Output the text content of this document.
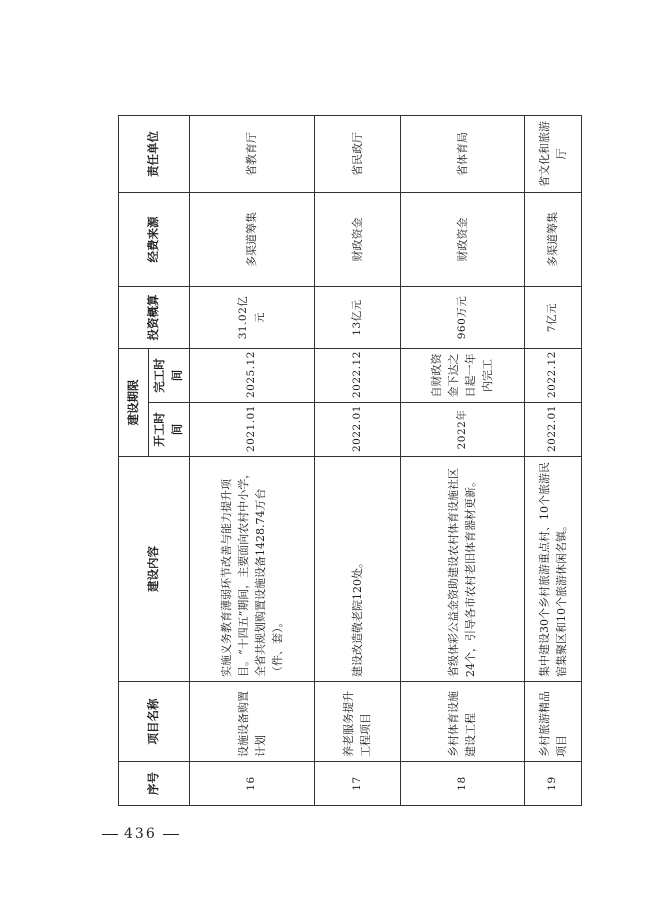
序号	项目名称	建设内容	建设期限		投资概算	经费来源	责任单位
			开工时间	完工时间			
16	设施设备购置计划	实施义务教育薄弱环节改善与能力提升项目。“十四五”期间，主要面向农村中小学，全省共规划购置设施设备1428.74万台（件、套）。	2021.01	2025.12	31.02亿元	多渠道筹集	省教育厅
17	养老服务提升工程项目	建设改造敬老院120处。	2022.01	2022.12	13亿元	财政资金	省民政厅
18	乡村体育设施建设工程	省级体彩公益金资助建设农村体育设施社区24个，引导各市农村老旧体育器材更新。	2022年	自财政资金下达之日起一年内完工	960万元	财政资金	省体育局
19	乡村旅游精品项目	集中建设30个乡村旅游重点村、10个旅游民宿集聚区和10个旅游休闲名镇。	2022.01	2022.12	7亿元	多渠道筹集	省文化和旅游厅
436
